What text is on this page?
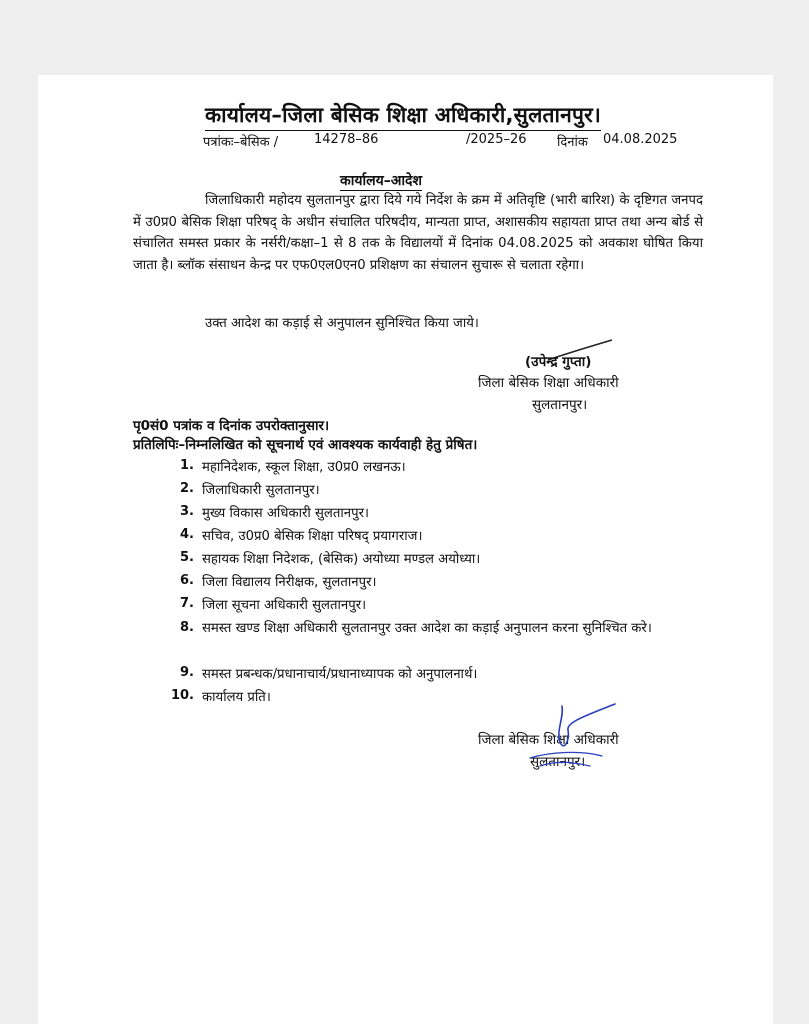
कार्यालय–जिला बेसिक शिक्षा अधिकारी,सुलतानपुर।
पत्रांकः–बेसिक /	14278–86	/2025–26 दिनांक 04.08.2025
कार्यालय–आदेश

जिलाधिकारी महोदय सुलतानपुर द्वारा दिये गये निर्देश के क्रम में अतिवृष्टि (भारी बारिश) के दृष्टिगत जनपद में उ0प्र0 बेसिक शिक्षा परिषद् के अधीन संचालित परिषदीय, मान्यता प्राप्त, अशासकीय सहायता प्राप्त तथा अन्य बोर्ड से संचालित समस्त प्रकार के नर्सरी/कक्षा–1 से 8 तक के विद्यालयों में दिनांक 04.08.2025 को अवकाश घोषित किया जाता है। ब्लॉक संसाधन केन्द्र पर एफ0एल0एन0 प्रशिक्षण का संचालन सुचारू से चलाता रहेगा।

उक्त आदेश का कड़ाई से अनुपालन सुनिश्चित किया जाये।
(उपेन्द्र गुप्ता)
जिला बेसिक शिक्षा अधिकारी
सुलतानपुर।
पृ0सं0 पत्रांक व दिनांक उपरोक्तानुसार।
प्रतिलिपिः–निम्नलिखित को सूचनार्थ एवं आवश्यक कार्यवाही हेतु प्रेषित।
1. महानिदेशक, स्कूल शिक्षा, उ0प्र0 लखनऊ।
2. जिलाधिकारी सुलतानपुर।
3. मुख्य विकास अधिकारी सुलतानपुर।
4. सचिव, उ0प्र0 बेसिक शिक्षा परिषद् प्रयागराज।
5. सहायक शिक्षा निदेशक, (बेसिक) अयोध्या मण्डल अयोध्या।
6. जिला विद्यालय निरीक्षक, सुलतानपुर।
7. जिला सूचना अधिकारी सुलतानपुर।
8. समस्त खण्ड शिक्षा अधिकारी सुलतानपुर उक्त आदेश का कड़ाई अनुपालन करना सुनिश्चित करे।
9. समस्त प्रबन्धक/प्रधानाचार्य/प्रधानाध्यापक को अनुपालनार्थ।
10. कार्यालय प्रति।
जिला बेसिक शिक्षा अधिकारी
सुलतानपुर।
